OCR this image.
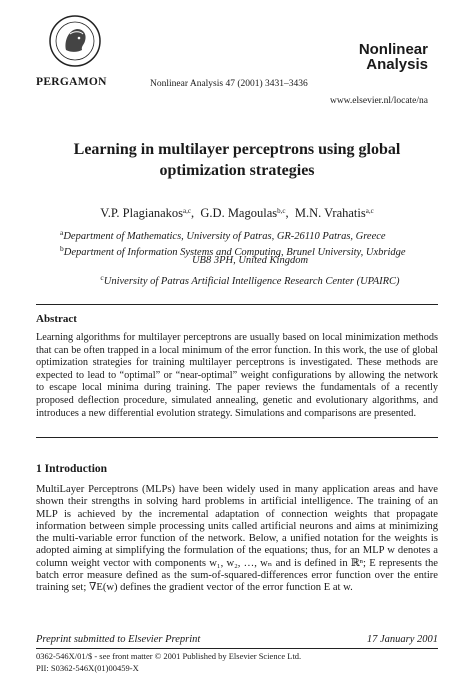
PERGAMON	Nonlinear Analysis 47 (2001) 3431–3436
Nonlinear
Analysis
www.elsevier.nl/locate/na
Learning in multilayer perceptrons using global
optimization strategies
V.P. Plagianakos$^{a,c}$,  G.D. Magoulas$^{b,c}$,  M.N. Vrahatis$^{a,c}$
$^a$Department of Mathematics, University of Patras, GR-26110 Patras, Greece
$^b$Department of Information Systems and Computing, Brunel University, Uxbridge
UB8 3PH, United Kingdom
$^c$University of Patras Artificial Intelligence Research Center (UPAIRC)
Abstract
Learning algorithms for multilayer perceptrons are usually based on local minimization methods that can be often trapped in a local minimum of the error function. In this work, the use of global optimization strategies for training multilayer perceptrons is investigated. These methods are expected to lead to “optimal” or “near-optimal” weight configurations by allowing the network to escape local minima during training. The paper reviews the fundamentals of a recently proposed deflection procedure, simulated annealing, genetic and evolutionary algorithms, and introduces a new differential evolution strategy. Simulations and comparisons are presented.
1 Introduction
MultiLayer Perceptrons (MLPs) have been widely used in many application areas and have shown their strengths in solving hard problems in artificial intelligence. The training of an MLP is achieved by the incremental adaptation of connection weights that propagate information between simple processing units called artificial neurons and aims at minimizing the multi-variable error function of the network. Below, a unified notation for the weights is adopted aiming at simplifying the formulation of the equations; thus, for an MLP w denotes a column weight vector with components w₁, w₂, …, wₙ and is defined in ℝⁿ; E represents the batch error measure defined as the sum-of-squared-differences error function over the entire training set; ∇E(w) defines the gradient vector of the error function E at w.
Preprint submitted to Elsevier Preprint	17 January 2001
0362-546X/01/$ - see front matter © 2001 Published by Elsevier Science Ltd.
PII: S0362-546X(01)00459-X
